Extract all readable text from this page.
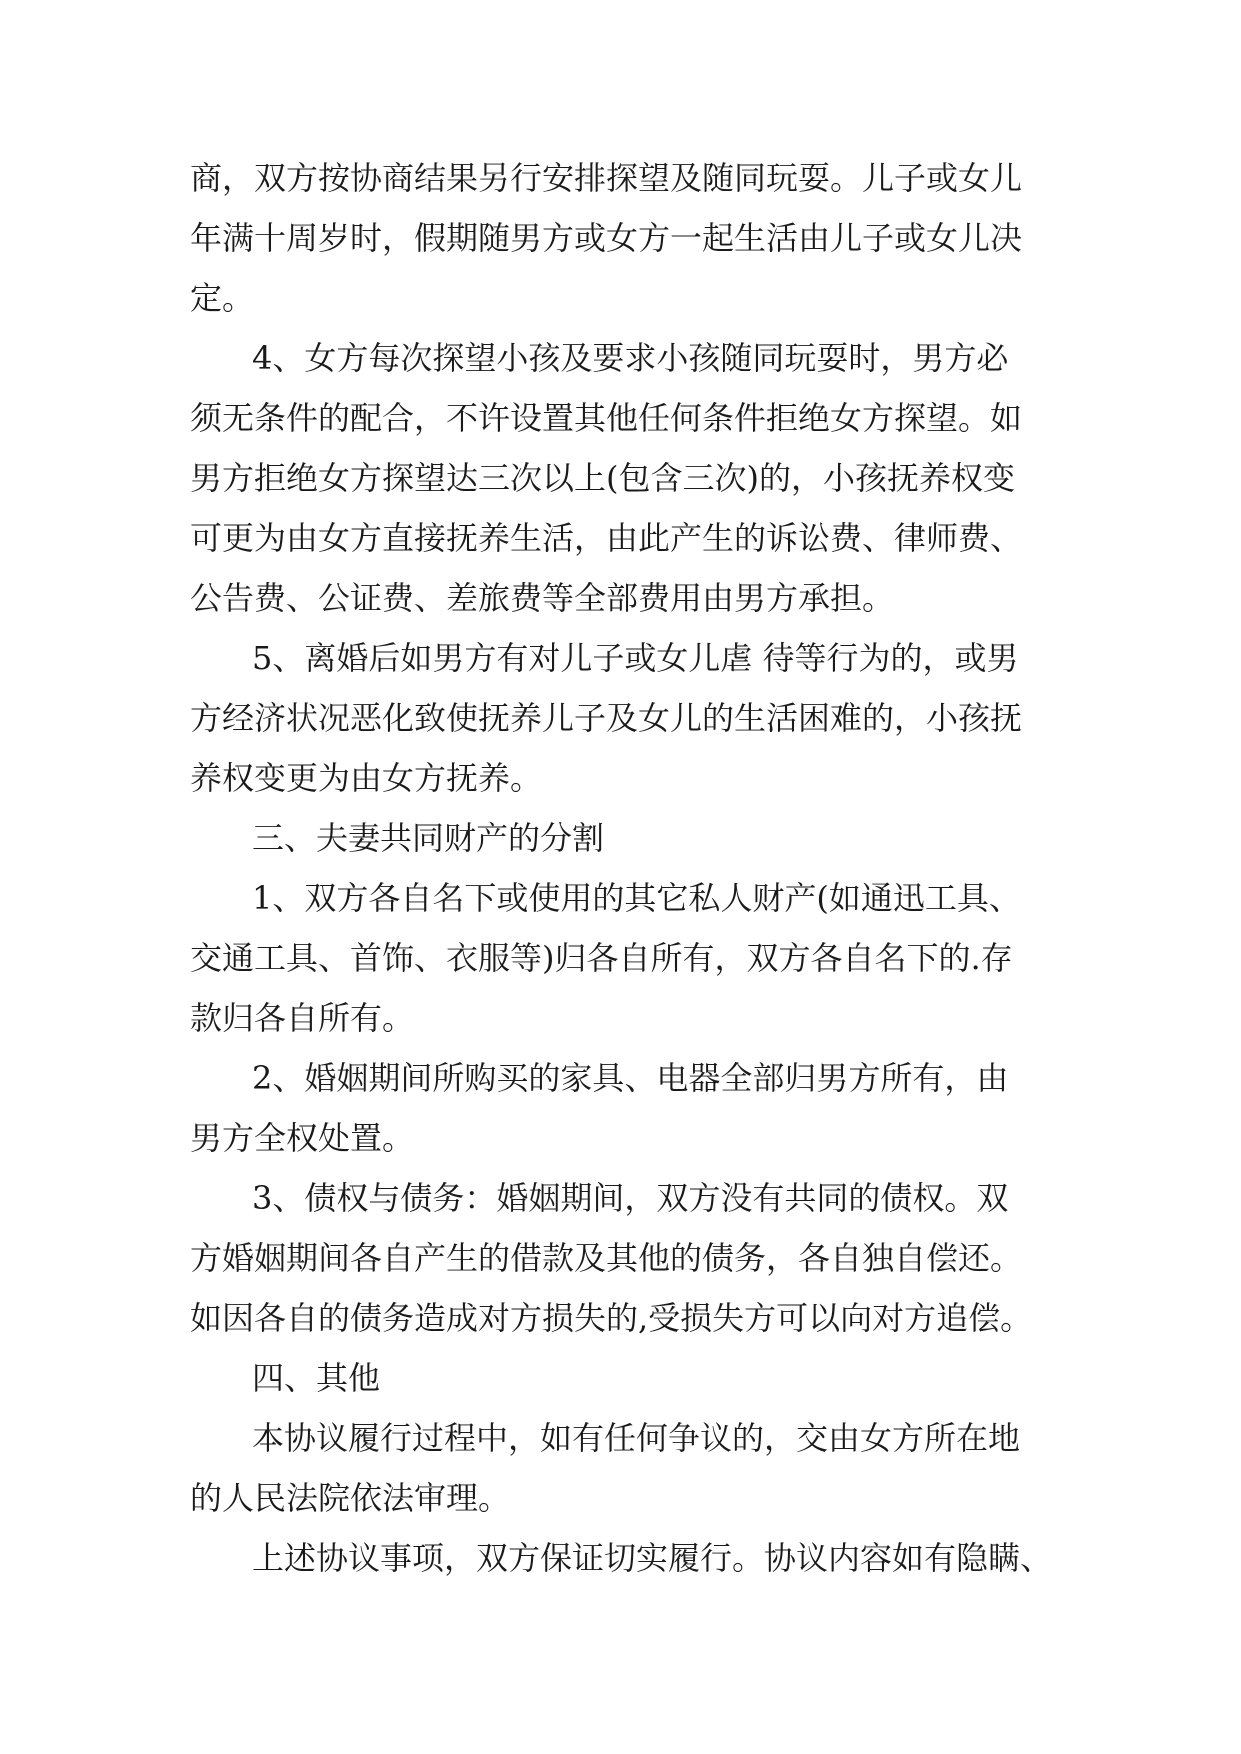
商，双方按协商结果另行安排探望及随同玩耍。儿子或女儿
年满十周岁时，假期随男方或女方一起生活由儿子或女儿决
定。
4、女方每次探望小孩及要求小孩随同玩耍时，男方必
须无条件的配合，不许设置其他任何条件拒绝女方探望。如
男方拒绝女方探望达三次以上(包含三次)的，小孩抚养权变
可更为由女方直接抚养生活，由此产生的诉讼费、律师费、
公告费、公证费、差旅费等全部费用由男方承担。
5、离婚后如男方有对儿子或女儿虐 待等行为的，或男
方经济状况恶化致使抚养儿子及女儿的生活困难的，小孩抚
养权变更为由女方抚养。
三、夫妻共同财产的分割
1、双方各自名下或使用的其它私人财产(如通迅工具、
交通工具、首饰、衣服等)归各自所有，双方各自名下的.存
款归各自所有。
2、婚姻期间所购买的家具、电器全部归男方所有，由
男方全权处置。
3、债权与债务：婚姻期间，双方没有共同的债权。双
方婚姻期间各自产生的借款及其他的债务，各自独自偿还。
如因各自的债务造成对方损失的,受损失方可以向对方追偿。
四、其他
本协议履行过程中，如有任何争议的，交由女方所在地
的人民法院依法审理。
上述协议事项，双方保证切实履行。协议内容如有隐瞒、
